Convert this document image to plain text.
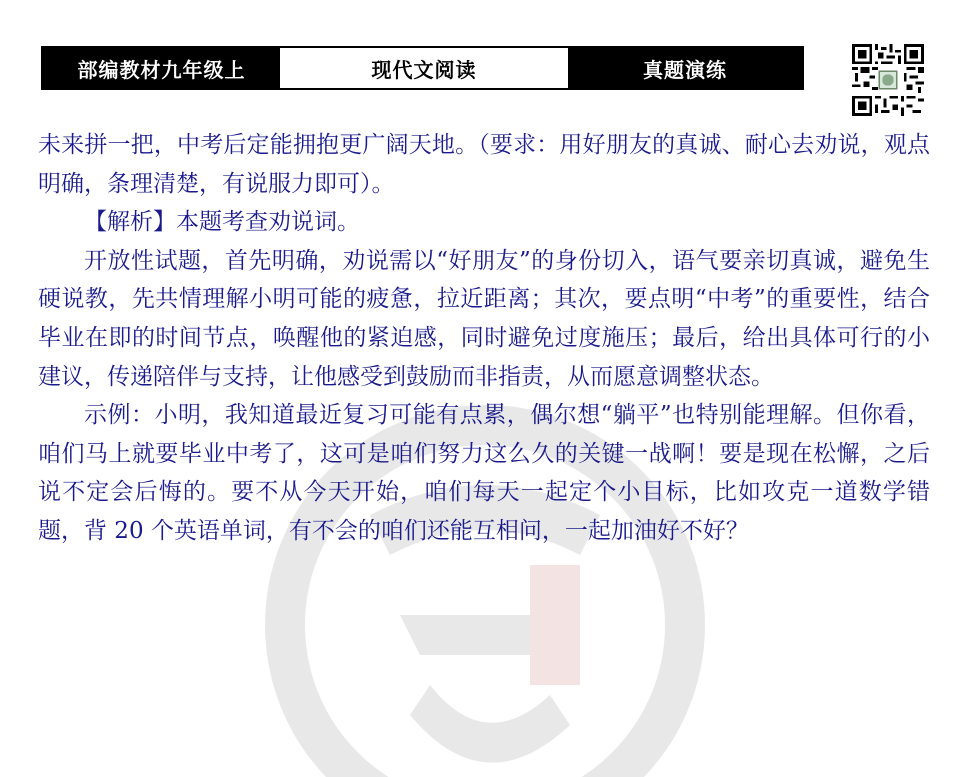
部编教材九年级上	现代文阅读	真题演练

未来拼一把，中考后定能拥抱更广阔天地。（要求：用好朋友的真诚、耐心去劝说，观点明确，条理清楚，有说服力即可）。

【解析】本题考查劝说词。

开放性试题，首先明确，劝说需以“好朋友”的身份切入，语气要亲切真诚，避免生硬说教，先共情理解小明可能的疲惫，拉近距离；其次，要点明“中考”的重要性，结合毕业在即的时间节点，唤醒他的紧迫感，同时避免过度施压；最后，给出具体可行的小建议，传递陪伴与支持，让他感受到鼓励而非指责，从而愿意调整状态。

示例：小明，我知道最近复习可能有点累，偶尔想“躺平”也特别能理解。但你看，咱们马上就要毕业中考了，这可是咱们努力这么久的关键一战啊！要是现在松懈，之后说不定会后悔的。要不从今天开始，咱们每天一起定个小目标，比如攻克一道数学错题，背 20 个英语单词，有不会的咱们还能互相问，一起加油好不好？
